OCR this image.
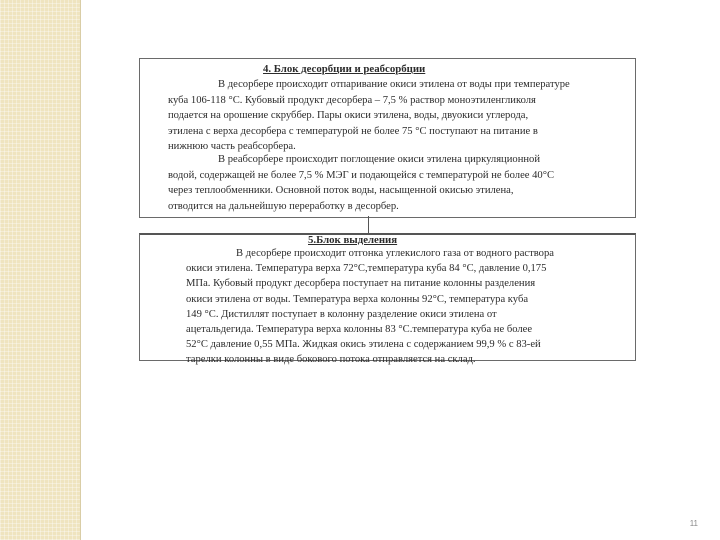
4. Блок десорбции и реабсорбции
В десорбере происходит отпаривание окиси этилена от воды при температуре
куба 106-118 °С. Кубовый продукт десорбера – 7,5 % раствор моноэтиленгликоля
подается на орошение скруббер. Пары окиси этилена, воды, двуокиси углерода,
этилена с верха десорбера с температурой не более 75 °С поступают на питание в
нижнюю часть реабсорбера.
В реабсорбере происходит поглощение окиси этилена циркуляционной
водой, содержащей не более 7,5 % МЭГ и подающейся с температурой не более 40°С
через теплообменники. Основной поток воды, насыщенной окисью этилена,
отводится на дальнейшую переработку в десорбер.
5.Блок выделения
В десорбере происходит отгонка углекислого газа от водного раствора
окиси этилена. Температура верха 72°С,температура куба 84 °С, давление 0,175
МПа. Кубовый продукт десорбера поступает на питание колонны разделения
окиси этилена от воды. Температура верха колонны 92°С, температура куба
149 °С. Дистиллят поступает в колонну разделение окиси этилена от
ацетальдегида. Температура верха колонны 83 °С.температура куба не более
52°С давление 0,55 МПа. Жидкая окись этилена с содержанием 99,9 % с 83-ей
тарелки колонны в виде бокового потока отправляется на склад.
11
